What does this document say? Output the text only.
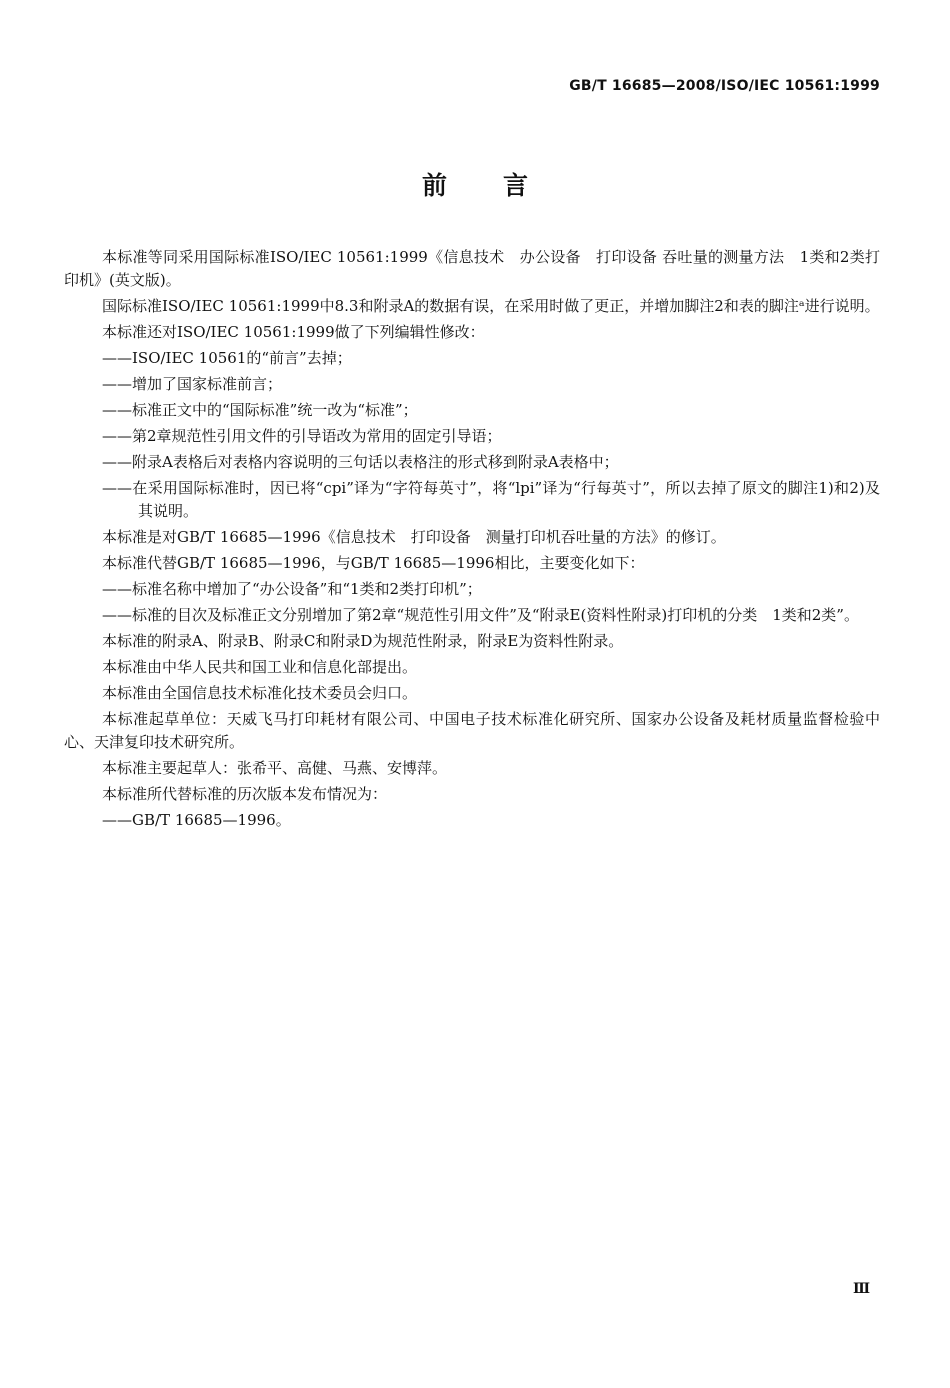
GB/T 16685—2008/ISO/IEC 10561:1999
前言
本标准等同采用国际标准ISO/IEC 10561:1999《信息技术　办公设备　打印设备 吞吐量的测量方法　1类和2类打印机》(英文版)。
国际标准ISO/IEC 10561:1999中8.3和附录A的数据有误，在采用时做了更正，并增加脚注2和表的脚注ᵃ进行说明。
本标准还对ISO/IEC 10561:1999做了下列编辑性修改：
——ISO/IEC 10561的“前言”去掉；
——增加了国家标准前言；
——标准正文中的“国际标准”统一改为“标准”；
——第2章规范性引用文件的引导语改为常用的固定引导语；
——附录A表格后对表格内容说明的三句话以表格注的形式移到附录A表格中；
——在采用国际标准时，因已将“cpi”译为“字符每英寸”，将“lpi”译为“行每英寸”，所以去掉了原文的脚注1)和2)及其说明。
本标准是对GB/T 16685—1996《信息技术　打印设备　测量打印机吞吐量的方法》的修订。
本标准代替GB/T 16685—1996，与GB/T 16685—1996相比，主要变化如下：
——标准名称中增加了“办公设备”和“1类和2类打印机”；
——标准的目次及标准正文分别增加了第2章“规范性引用文件”及“附录E(资料性附录)打印机的分类　1类和2类”。
本标准的附录A、附录B、附录C和附录D为规范性附录，附录E为资料性附录。
本标准由中华人民共和国工业和信息化部提出。
本标准由全国信息技术标准化技术委员会归口。
本标准起草单位：天威飞马打印耗材有限公司、中国电子技术标准化研究所、国家办公设备及耗材质量监督检验中心、天津复印技术研究所。
本标准主要起草人：张希平、高健、马燕、安博萍。
本标准所代替标准的历次版本发布情况为：
——GB/T 16685—1996。
Ⅲ
